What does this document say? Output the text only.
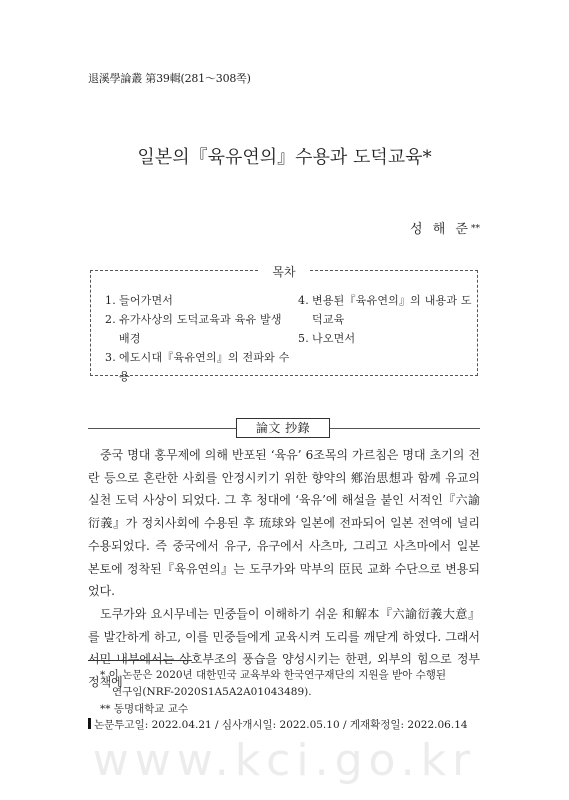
退溪學論叢 第39輯(281～308쪽)
일본의『육유연의』수용과 도덕교육*
성 해 준**
목차
1. 들어가면서
2. 유가사상의 도덕교육과 육유 발생 배경
3. 에도시대『육유연의』의 전파와 수용
4. 변용된『육유연의』의 내용과 도덕교육
5. 나오면서
論文 抄錄

중국 명대 홍무제에 의해 반포된 ‘육유’ 6조목의 가르침은 명대 초기의 전란 등으로 혼란한 사회를 안정시키기 위한 향약의 鄕治思想과 함께 유교의 실천 도덕 사상이 되었다. 그 후 청대에 ‘육유’에 해설을 붙인 서적인『六諭衍義』가 정치사회에 수용된 후 琉球와 일본에 전파되어 일본 전역에 널리 수용되었다. 즉 중국에서 유구, 유구에서 사츠마, 그리고 사츠마에서 일본 본토에 정착된『육유연의』는 도쿠가와 막부의 臣民 교화 수단으로 변용되었다.

도쿠가와 요시무네는 민중들이 이해하기 쉬운 和解本『六諭衍義大意』를 발간하게 하고, 이를 민중들에게 교육시켜 도리를 깨닫게 하였다. 그래서 서민 내부에서는 상호부조의 풍습을 양성시키는 한편, 외부의 힘으로 정부 정책에

* 이 논문은 2020년 대한민국 교육부와 한국연구재단의 지원을 받아 수행된
연구임(NRF-2020S1A5A2A01043489).
** 동명대학교 교수
논문투고일: 2022.04.21 / 심사개시일: 2022.05.10 / 게재확정일: 2022.06.14
www.kci.go.kr
